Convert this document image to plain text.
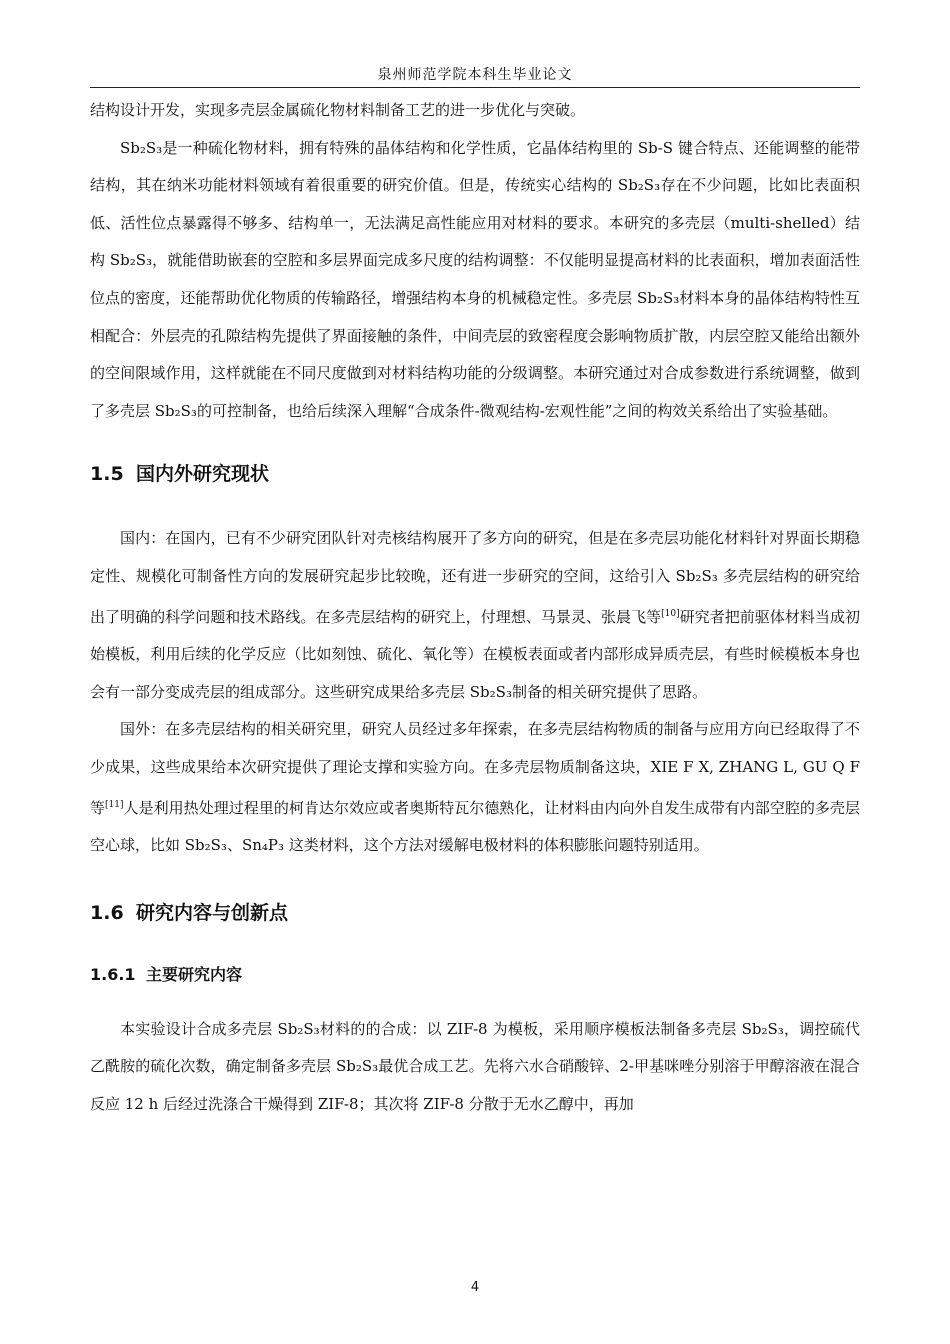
泉州师范学院本科生毕业论文

结构设计开发，实现多壳层金属硫化物材料制备工艺的进一步优化与突破。

Sb₂S₃是一种硫化物材料，拥有特殊的晶体结构和化学性质，它晶体结构里的 Sb-S 键合特点、还能调整的能带结构，其在纳米功能材料领域有着很重要的研究价值。但是，传统实心结构的 Sb₂S₃存在不少问题，比如比表面积低、活性位点暴露得不够多、结构单一，无法满足高性能应用对材料的要求。本研究的多壳层（multi-shelled）结构 Sb₂S₃，就能借助嵌套的空腔和多层界面完成多尺度的结构调整：不仅能明显提高材料的比表面积，增加表面活性位点的密度，还能帮助优化物质的传输路径，增强结构本身的机械稳定性。多壳层 Sb₂S₃材料本身的晶体结构特性互相配合：外层壳的孔隙结构先提供了界面接触的条件，中间壳层的致密程度会影响物质扩散，内层空腔又能给出额外的空间限域作用，这样就能在不同尺度做到对材料结构功能的分级调整。本研究通过对合成参数进行系统调整，做到了多壳层 Sb₂S₃的可控制备，也给后续深入理解“合成条件-微观结构-宏观性能”之间的构效关系给出了实验基础。

1.5 国内外研究现状

国内：在国内，已有不少研究团队针对壳核结构展开了多方向的研究，但是在多壳层功能化材料针对界面长期稳定性、规模化可制备性方向的发展研究起步比较晚，还有进一步研究的空间，这给引入 Sb₂S₃ 多壳层结构的研究给出了明确的科学问题和技术路线。在多壳层结构的研究上，付理想、马景灵、张晨飞等[10]研究者把前驱体材料当成初始模板，利用后续的化学反应（比如刻蚀、硫化、氧化等）在模板表面或者内部形成异质壳层，有些时候模板本身也会有一部分变成壳层的组成部分。这些研究成果给多壳层 Sb₂S₃制备的相关研究提供了思路。

国外：在多壳层结构的相关研究里，研究人员经过多年探索，在多壳层结构物质的制备与应用方向已经取得了不少成果，这些成果给本次研究提供了理论支撑和实验方向。在多壳层物质制备这块，XIE F X, ZHANG L, GU Q F 等[11]人是利用热处理过程里的柯肯达尔效应或者奥斯特瓦尔德熟化，让材料由内向外自发生成带有内部空腔的多壳层空心球，比如 Sb₂S₃、Sn₄P₃ 这类材料，这个方法对缓解电极材料的体积膨胀问题特别适用。

1.6 研究内容与创新点
1.6.1 主要研究内容

本实验设计合成多壳层 Sb₂S₃材料的的合成：以 ZIF-8 为模板，采用顺序模板法制备多壳层 Sb₂S₃，调控硫代乙酰胺的硫化次数，确定制备多壳层 Sb₂S₃最优合成工艺。先将六水合硝酸锌、2-甲基咪唑分别溶于甲醇溶液在混合反应 12 h 后经过洗涤合干燥得到 ZIF-8；其次将 ZIF-8 分散于无水乙醇中，再加

4
